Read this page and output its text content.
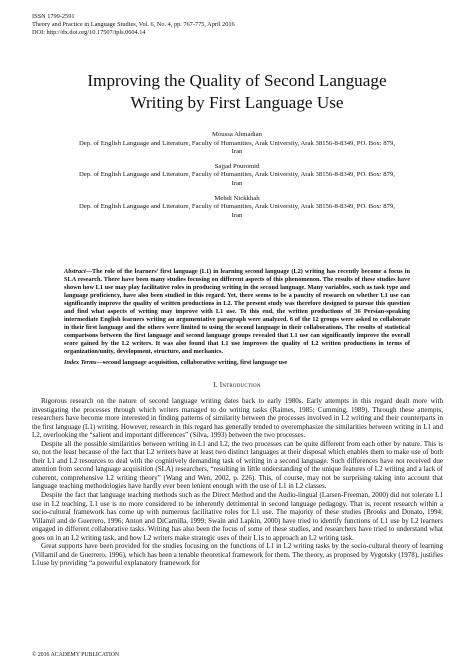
ISSN 1799-2591
Theory and Practice in Language Studies, Vol. 6, No. 4, pp. 767-775, April 2016
DOI: http://dx.doi.org/10.17507/tpls.0604.14
Improving the Quality of Second Language
Writing by First Language Use
Moussa Ahmadian
Dep. of English Language and Literature, Faculty of Humanities, Arak University, Arak 38156-8-8349, PO. Box: 879,
Iran
Sajjad Pouromid
Dep. of English Language and Literature, Faculty of Humanities, Arak University, Arak 38156-8-8349, PO. Box: 879,
Iran
Mehdi Nickkhah
Dep. of English Language and Literature, Faculty of Humanities, Arak University, Arak 38156-8-8349, PO. Box: 879,
Iran
Abstract—The role of the learners’ first language (L1) in learning second language (L2) writing has recently become a focus in SLA research. There have been many studies focusing on different aspects of this phenomenon. The results of these studies have shown how L1 use may play facilitative roles in producing writing in the second language. Many variables, such as task type and language proficiency, have also been studied in this regard. Yet, there seems to be a paucity of research on whether L1 use can significantly improve the quality of written productions in L2. The present study was therefore designed to pursue this question and find what aspects of writing may improve with L1 use. To this end, the written productions of 36 Persian-speaking intermediate English learners writing an argumentative paragraph were analyzed. 6 of the 12 groups were asked to collaborate in their first language and the others were limited to using the second language in their collaborations. The results of statistical comparisons between the first language and second language groups revealed that L1 use can significantly improve the overall score gained by the L2 writers. It was also found that L1 use improves the quality of L2 written productions in terms of organization/unity, development, structure, and mechanics.
Index Terms—second language acquisition, collaborative writing, first language use
I. Introduction

Rigorous research on the nature of second language writing dates back to early 1980s. Early attempts in this regard dealt more with investigating the processes through which writers managed to do writing tasks (Raimes, 1985; Cumming, 1989). Through these attempts, researchers have become more interested in finding patterns of similarity between the processes involved in L2 writing and their counterparts in the first language (L1) writing. However, research in this regard has generally tended to overemphasize the similarities between writing in L1 and L2, overlooking the “salient and important differences” (Silva, 1993) between the two processes.

Despite all the possible similarities between writing in L1 and L2, the two processes can be quite different from each other by nature. This is so, not the least because of the fact that L2 writers have at least two distinct languages at their disposal which enables them to make use of both their L1 and L2 resources to deal with the cognitively demanding task of writing in a second language. Such differences have not received due attention from second language acquisition (SLA) researchers, “resulting in little understanding of the unique features of L2 writing and a lack of coherent, comprehensive L2 writing theory” (Wang and Wen, 2002, p. 226). This, of course, may not be surprising taking into account that language teaching methodologies have hardly ever been lenient enough with the use of L1 in L2 classes.

Despite the fact that language teaching methods such as the Direct Method and the Audio-lingual (Larsen-Freeman, 2000) did not tolerate L1 use in L2 teaching, L1 use is no more considered to be inherently detrimental in second language pedagogy. That is, recent research within a socio-cultural framework has come up with numerous facilitative roles for L1 use. The majority of these studies (Brooks and Donato, 1994; Villamil and de Guerrero, 1996; Anton and DiCamilla, 1999; Swain and Lapkin, 2000) have tried to identify functions of L1 use by L2 learners engaged in different collaborative tasks. Writing has also been the focus of some of these studies, and researchers have tried to understand what goes on in an L2 writing task, and how L2 writers make strategic uses of their L1s to approach an L2 writing task.

Great supports have been provided for the studies focusing on the functions of L1 in L2 writing tasks by the socio-cultural theory of learning (Villamil and de Guerrero, 1996), which has been a tenable theoretical framework for them. The theory, as proposed by Vygotsky (1978), justifies L1use by providing “a powerful explanatory framework for

© 2016 ACADEMY PUBLICATION
